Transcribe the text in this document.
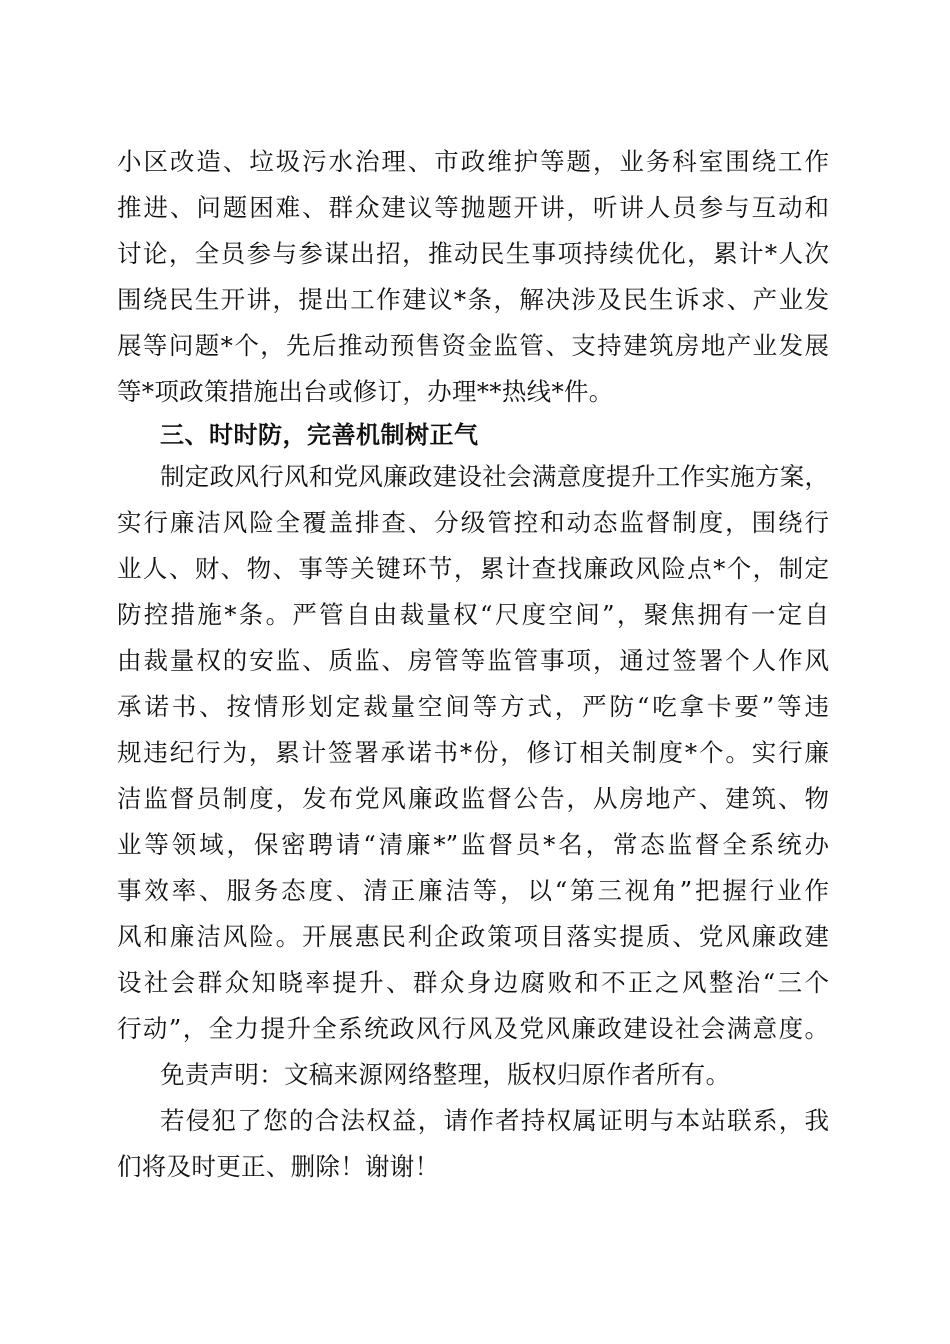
小区改造、垃圾污水治理、市政维护等题，业务科室围绕工作
推进、问题困难、群众建议等抛题开讲，听讲人员参与互动和
讨论，全员参与参谋出招，推动民生事项持续优化，累计*人次
围绕民生开讲，提出工作建议*条，解决涉及民生诉求、产业发
展等问题*个，先后推动预售资金监管、支持建筑房地产业发展
等*项政策措施出台或修订，办理**热线*件。
三、时时防，完善机制树正气
制定政风行风和党风廉政建设社会满意度提升工作实施方案，
实行廉洁风险全覆盖排查、分级管控和动态监督制度，围绕行
业人、财、物、事等关键环节，累计查找廉政风险点*个，制定
防控措施*条。严管自由裁量权“尺度空间”，聚焦拥有一定自
由裁量权的安监、质监、房管等监管事项，通过签署个人作风
承诺书、按情形划定裁量空间等方式，严防“吃拿卡要”等违
规违纪行为，累计签署承诺书*份，修订相关制度*个。实行廉
洁监督员制度，发布党风廉政监督公告，从房地产、建筑、物
业等领域，保密聘请“清廉*”监督员*名，常态监督全系统办
事效率、服务态度、清正廉洁等，以“第三视角”把握行业作
风和廉洁风险。开展惠民利企政策项目落实提质、党风廉政建
设社会群众知晓率提升、群众身边腐败和不正之风整治“三个
行动”，全力提升全系统政风行风及党风廉政建设社会满意度。
免责声明：文稿来源网络整理，版权归原作者所有。
若侵犯了您的合法权益，请作者持权属证明与本站联系，我
们将及时更正、删除！谢谢！
